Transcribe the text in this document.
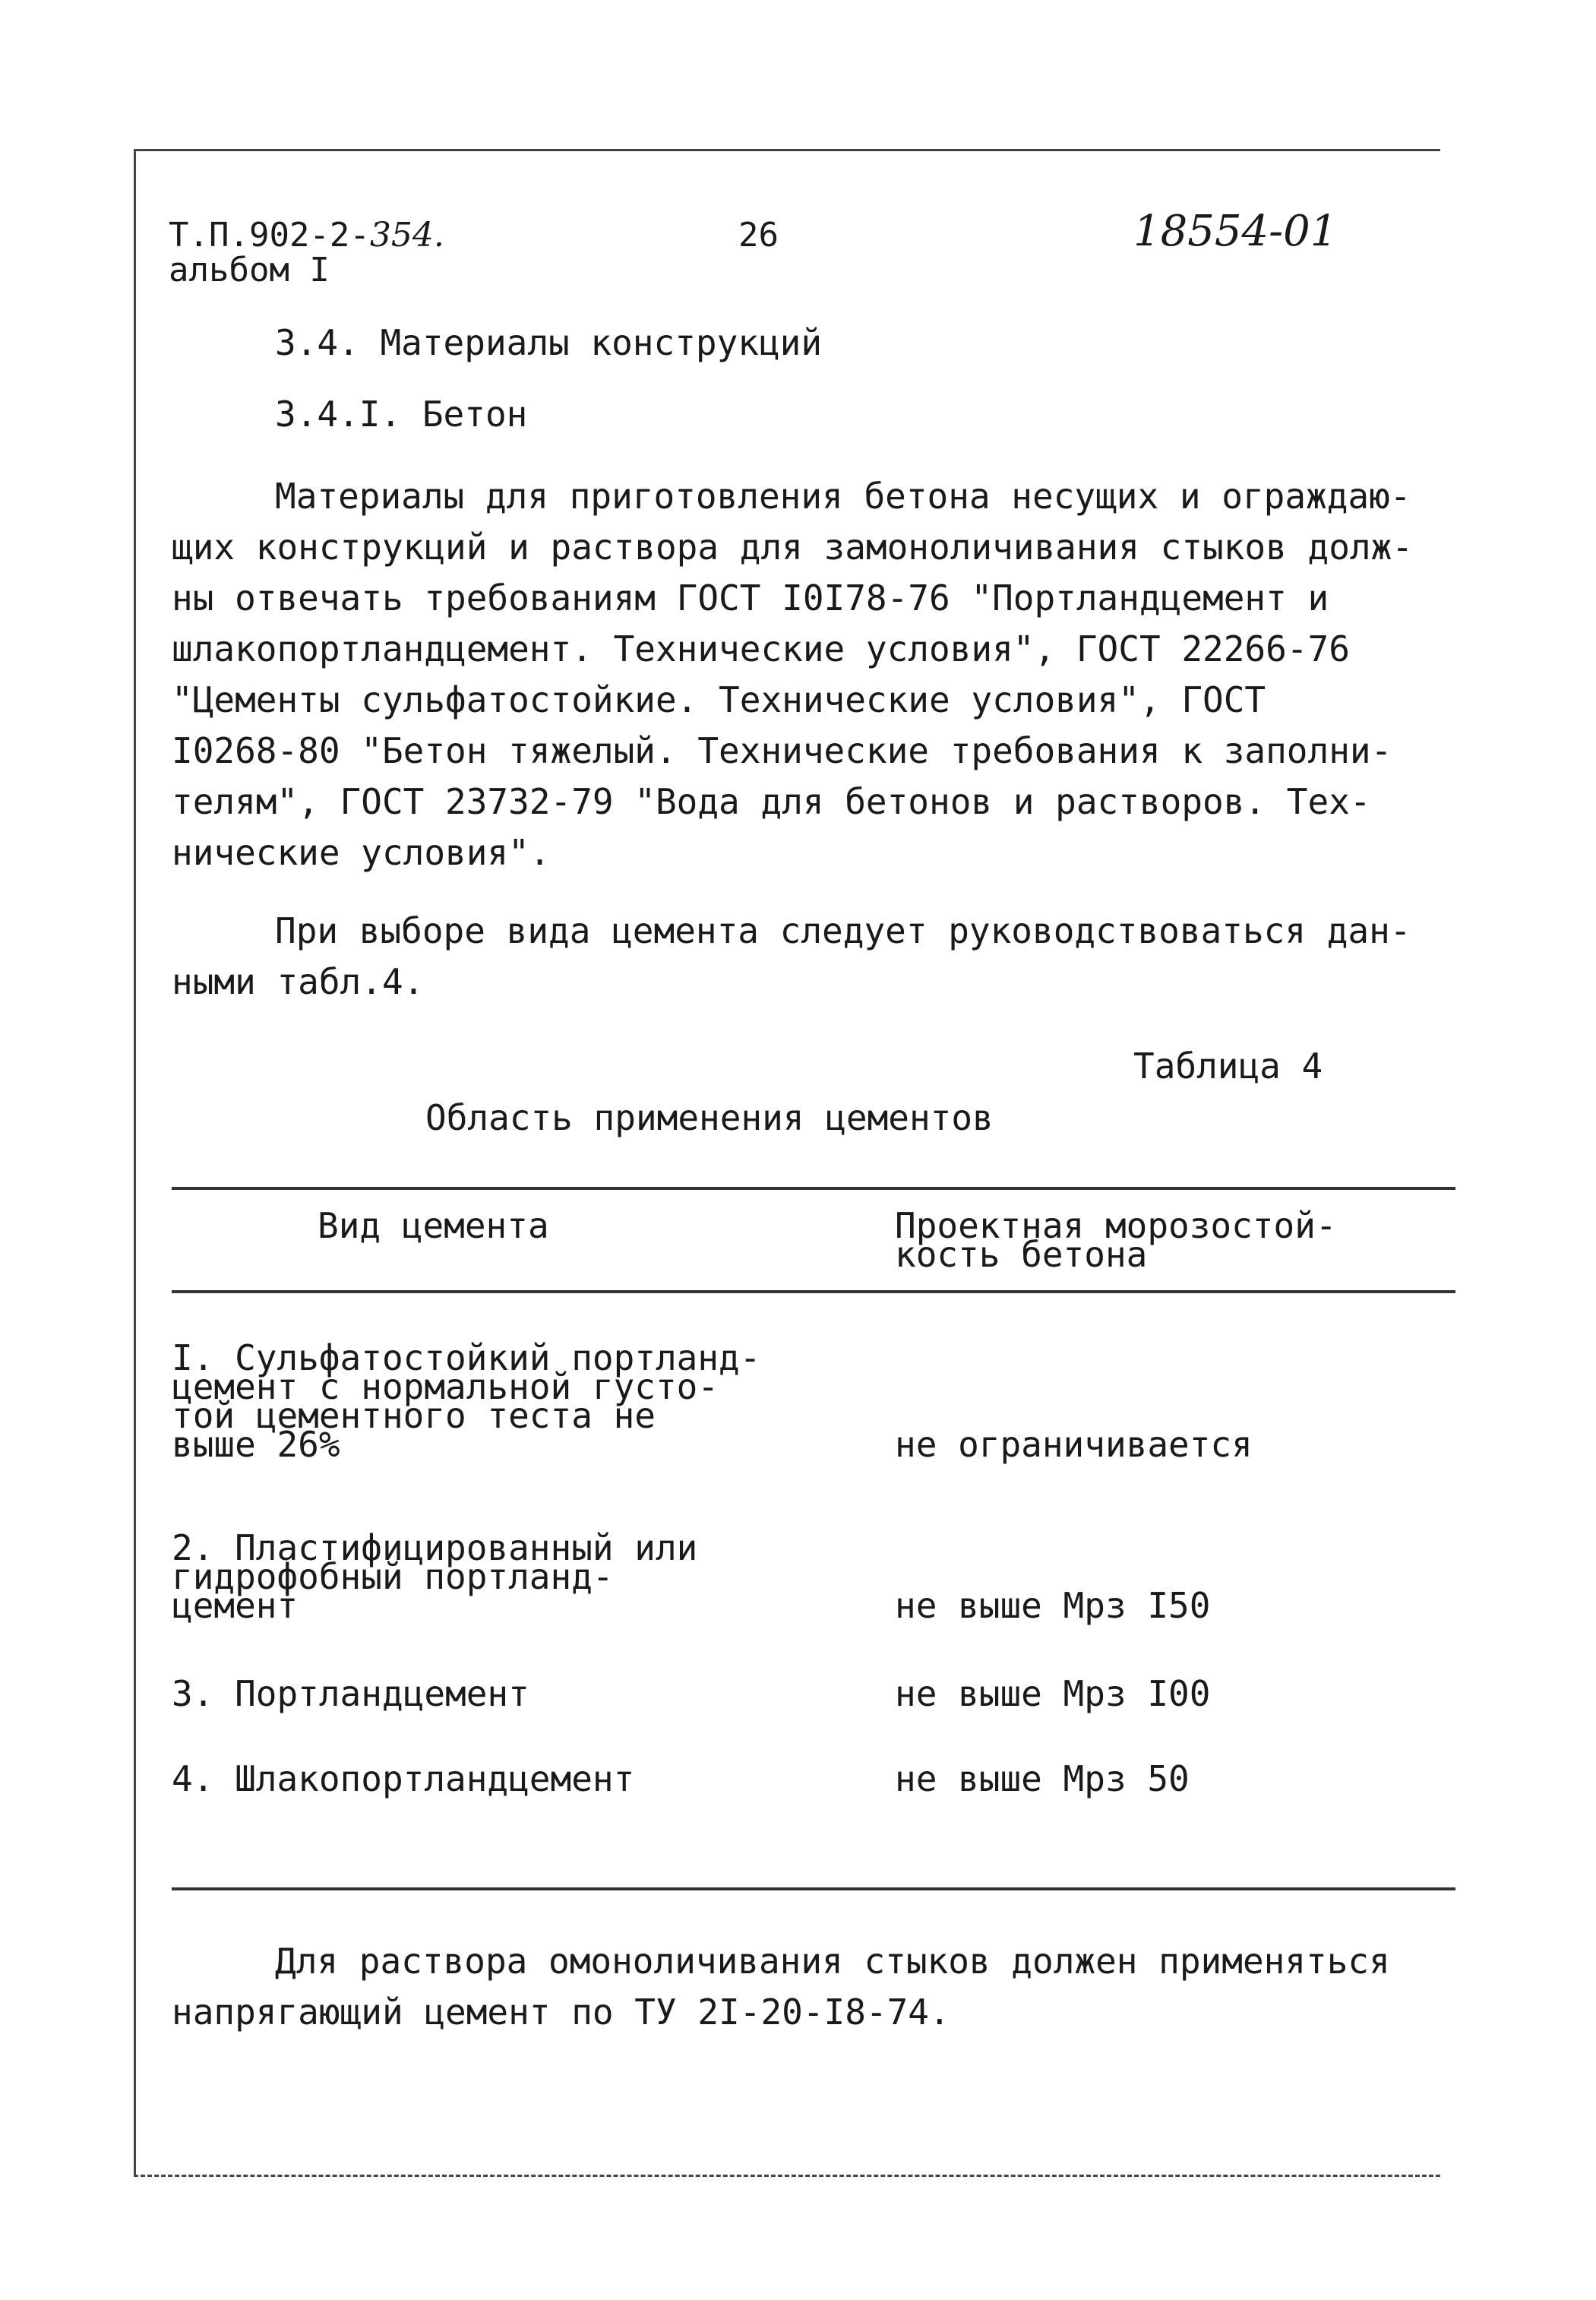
Т.П.902-2-354.
альбом I
26	18554-01
3.4. Материалы конструкций
3.4.I. Бетон
Материалы для приготовления бетона несущих и ограждаю-
щих конструкций и раствора для замоноличивания стыков долж-
ны отвечать требованиям ГОСТ I0I78-76 "Портландцемент и
шлакопортландцемент. Технические условия", ГОСТ 22266-76
"Цементы сульфатостойкие. Технические условия", ГОСТ
I0268-80 "Бетон тяжелый. Технические требования к заполни-
телям", ГОСТ 23732-79 "Вода для бетонов и растворов. Тех-
нические условия".
При выборе вида цемента следует руководствоваться дан-
ными табл.4.
Таблица 4
Область применения цементов
Вид цемента	Проектная морозостой-
кость бетона
I. Сульфатостойкий портланд-
цемент с нормальной густо-
той цементного теста не
выше 26%	не ограничивается
2. Пластифицированный или
гидрофобный портланд-
цемент	не выше Мрз I50
3. Портландцемент	не выше Мрз I00
4. Шлакопортландцемент	не выше Мрз 50
Для раствора омоноличивания стыков должен применяться
напрягающий цемент по ТУ 2I-20-I8-74.
